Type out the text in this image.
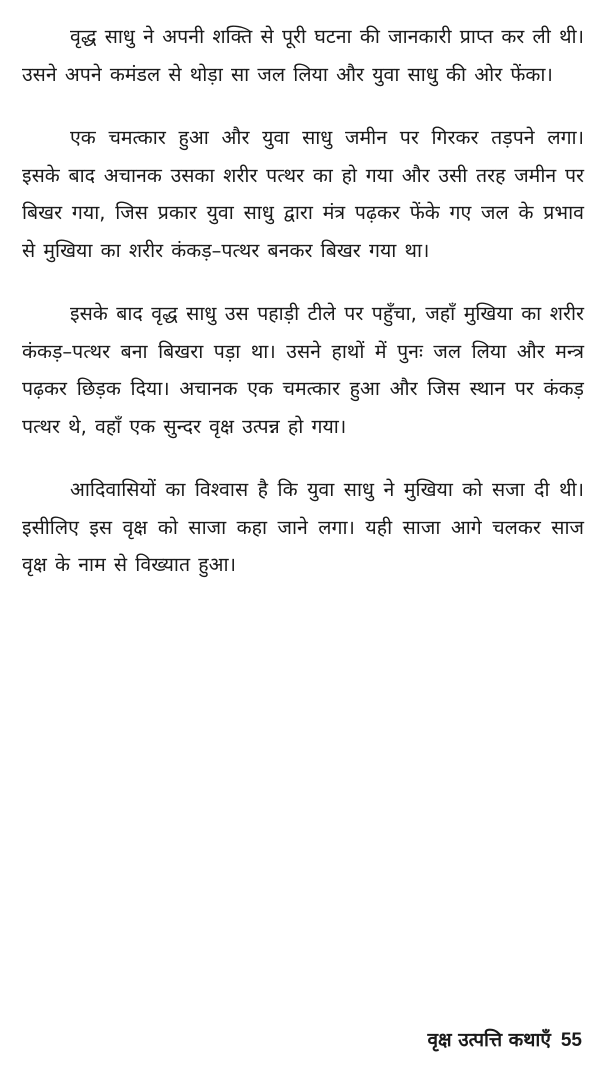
वृद्ध साधु ने अपनी शक्ति से पूरी घटना की जानकारी प्राप्त कर ली थी। उसने अपने कमंडल से थोड़ा सा जल लिया और युवा साधु की ओर फेंका।

एक चमत्कार हुआ और युवा साधु जमीन पर गिरकर तड़पने लगा। इसके बाद अचानक उसका शरीर पत्थर का हो गया और उसी तरह जमीन पर बिखर गया, जिस प्रकार युवा साधु द्वारा मंत्र पढ़कर फेंके गए जल के प्रभाव से मुखिया का शरीर कंकड़–पत्थर बनकर बिखर गया था।

इसके बाद वृद्ध साधु उस पहाड़ी टीले पर पहुँचा, जहाँ मुखिया का शरीर कंकड़–पत्थर बना बिखरा पड़ा था। उसने हाथों में पुनः जल लिया और मन्त्र पढ़कर छिड़क दिया। अचानक एक चमत्कार हुआ और जिस स्थान पर कंकड़ पत्थर थे, वहाँ एक सुन्दर वृक्ष उत्पन्न हो गया।

आदिवासियों का विश्वास है कि युवा साधु ने मुखिया को सजा दी थी। इसीलिए इस वृक्ष को साजा कहा जाने लगा। यही साजा आगे चलकर साज वृक्ष के नाम से विख्यात हुआ।

वृक्ष उत्पत्ति कथाएँ 55
